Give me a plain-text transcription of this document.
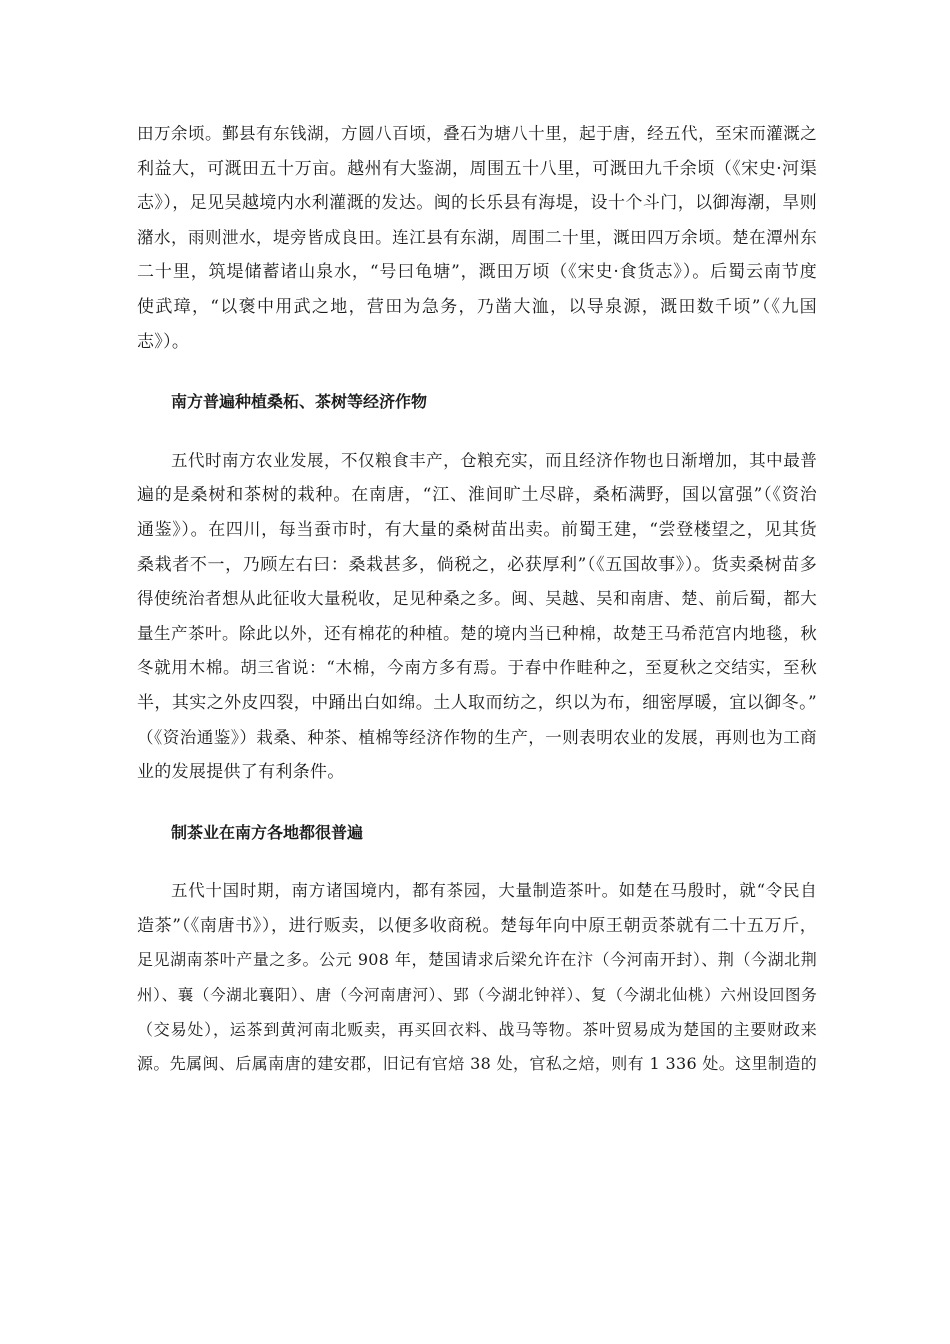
田万余顷。鄞县有东钱湖，方圆八百顷，叠石为塘八十里，起于唐，经五代，至宋而灌溉之
利益大，可溉田五十万亩。越州有大鉴湖，周围五十八里，可溉田九千余顷（《宋史·河渠
志》），足见吴越境内水利灌溉的发达。闽的长乐县有海堤，设十个斗门，以御海潮，旱则
潴水，雨则泄水，堤旁皆成良田。连江县有东湖，周围二十里，溉田四万余顷。楚在潭州东
二十里，筑堤储蓄诸山泉水，“号曰龟塘”，溉田万顷（《宋史·食货志》）。后蜀云南节度
使武璋，“以褒中用武之地，营田为急务，乃凿大洫，以导泉源，溉田数千顷”（《九国
志》）。

南方普遍种植桑柘、茶树等经济作物

五代时南方农业发展，不仅粮食丰产，仓粮充实，而且经济作物也日渐增加，其中最普
遍的是桑树和茶树的栽种。在南唐，“江、淮间旷土尽辟，桑柘满野，国以富强”（《资治
通鉴》）。在四川，每当蚕市时，有大量的桑树苗出卖。前蜀王建，“尝登楼望之，见其货
桑栽者不一，乃顾左右曰：桑栽甚多，倘税之，必获厚利”（《五国故事》）。货卖桑树苗多
得使统治者想从此征收大量税收，足见种桑之多。闽、吴越、吴和南唐、楚、前后蜀，都大
量生产茶叶。除此以外，还有棉花的种植。楚的境内当已种棉，故楚王马希范宫内地毯，秋
冬就用木棉。胡三省说：“木棉，今南方多有焉。于春中作畦种之，至夏秋之交结实，至秋
半，其实之外皮四裂，中踊出白如绵。土人取而纺之，织以为布，细密厚暖，宜以御冬。”
（《资治通鉴》）栽桑、种茶、植棉等经济作物的生产，一则表明农业的发展，再则也为工商
业的发展提供了有利条件。

制茶业在南方各地都很普遍

五代十国时期，南方诸国境内，都有茶园，大量制造茶叶。如楚在马殷时，就“令民自
造茶”（《南唐书》），进行贩卖，以便多收商税。楚每年向中原王朝贡茶就有二十五万斤，
足见湖南茶叶产量之多。公元 908 年，楚国请求后梁允许在汴（今河南开封）、荆（今湖北荆
州）、襄（今湖北襄阳）、唐（今河南唐河）、郢（今湖北钟祥）、复（今湖北仙桃）六州设回图务
（交易处），运茶到黄河南北贩卖，再买回衣料、战马等物。茶叶贸易成为楚国的主要财政来
源。先属闽、后属南唐的建安郡，旧记有官焙 38 处，官私之焙，则有 1 336 处。这里制造的
